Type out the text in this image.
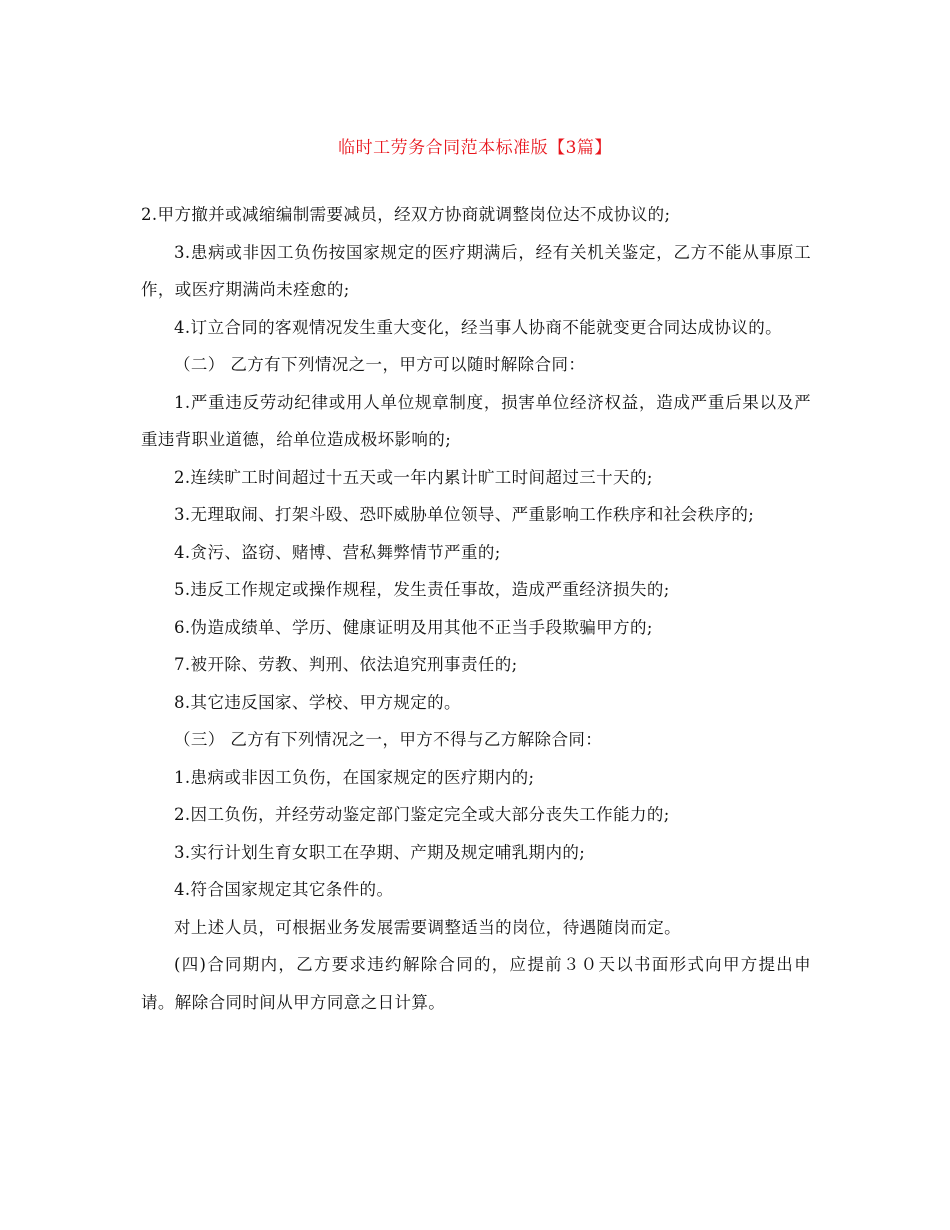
临时工劳务合同范本标准版【3篇】

2.甲方撤并或减缩编制需要减员，经双方协商就调整岗位达不成协议的;

3.患病或非因工负伤按国家规定的医疗期满后，经有关机关鉴定，乙方不能从事原工作，或医疗期满尚未痊愈的;

4.订立合同的客观情况发生重大变化，经当事人协商不能就变更合同达成协议的。

（二） 乙方有下列情况之一，甲方可以随时解除合同：

1.严重违反劳动纪律或用人单位规章制度，损害单位经济权益，造成严重后果以及严重违背职业道德，给单位造成极坏影响的;

2.连续旷工时间超过十五天或一年内累计旷工时间超过三十天的;

3.无理取闹、打架斗殴、恐吓威胁单位领导、严重影响工作秩序和社会秩序的;

4.贪污、盗窃、赌博、营私舞弊情节严重的;

5.违反工作规定或操作规程，发生责任事故，造成严重经济损失的;

6.伪造成绩单、学历、健康证明及用其他不正当手段欺骗甲方的;

7.被开除、劳教、判刑、依法追究刑事责任的;

8.其它违反国家、学校、甲方规定的。

（三） 乙方有下列情况之一，甲方不得与乙方解除合同：

1.患病或非因工负伤，在国家规定的医疗期内的;

2.因工负伤，并经劳动鉴定部门鉴定完全或大部分丧失工作能力的;

3.实行计划生育女职工在孕期、产期及规定哺乳期内的;

4.符合国家规定其它条件的。

对上述人员，可根据业务发展需要调整适当的岗位，待遇随岗而定。

(四)合同期内，乙方要求违约解除合同的，应提前３０天以书面形式向甲方提出申请。解除合同时间从甲方同意之日计算。
